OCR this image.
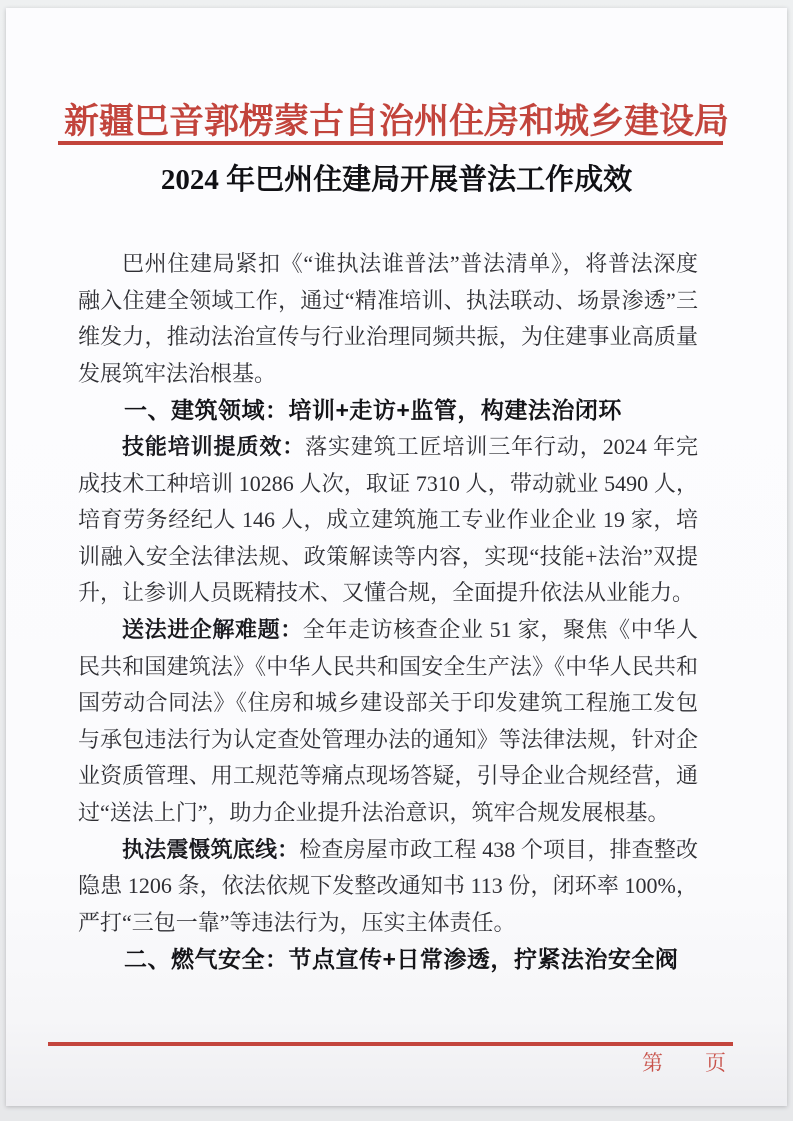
新疆巴音郭楞蒙古自治州住房和城乡建设局
2024 年巴州住建局开展普法工作成效

巴州住建局紧扣《“谁执法谁普法”普法清单》，将普法深度融入住建全领域工作，通过“精准培训、执法联动、场景渗透”三维发力，推动法治宣传与行业治理同频共振，为住建事业高质量发展筑牢法治根基。

一、建筑领域：培训+走访+监管，构建法治闭环

技能培训提质效：落实建筑工匠培训三年行动，2024 年完成技术工种培训 10286 人次，取证 7310 人，带动就业 5490 人，培育劳务经纪人 146 人，成立建筑施工专业作业企业 19 家，培训融入安全法律法规、政策解读等内容，实现“技能+法治”双提升，让参训人员既精技术、又懂合规，全面提升依法从业能力。

送法进企解难题：全年走访核查企业 51 家，聚焦《中华人民共和国建筑法》《中华人民共和国安全生产法》《中华人民共和国劳动合同法》《住房和城乡建设部关于印发建筑工程施工发包与承包违法行为认定查处管理办法的通知》等法律法规，针对企业资质管理、用工规范等痛点现场答疑，引导企业合规经营，通过“送法上门”，助力企业提升法治意识，筑牢合规发展根基。

执法震慑筑底线：检查房屋市政工程 438 个项目，排查整改隐患 1206 条，依法依规下发整改通知书 113 份，闭环率 100%，严打“三包一靠”等违法行为，压实主体责任。

二、燃气安全：节点宣传+日常渗透，拧紧法治安全阀
第　　页
